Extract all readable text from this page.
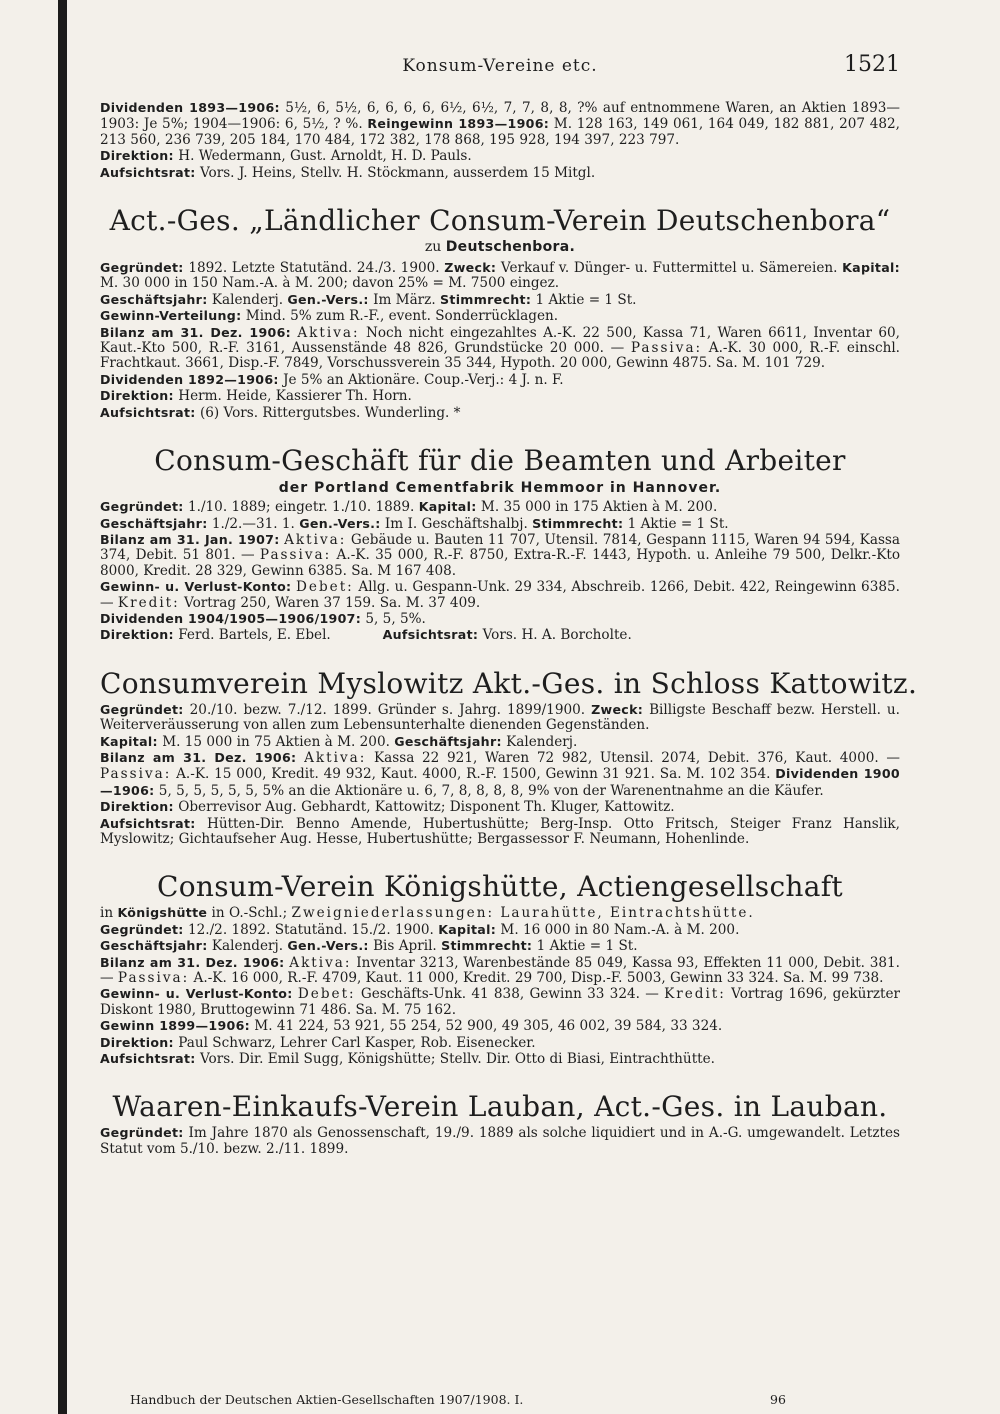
Konsum-Vereine etc.	1521

Dividenden 1893—1906: 5½, 6, 5½, 6, 6, 6, 6, 6½, 6½, 7, 7, 8, 8, ?% auf entnommene Waren, an Aktien 1893—1903: Je 5%; 1904—1906: 6, 5½, ? %. Reingewinn 1893—1906: M. 128 163, 149 061, 164 049, 182 881, 207 482, 213 560, 236 739, 205 184, 170 484, 172 382, 178 868, 195 928, 194 397, 223 797.

Direktion: H. Wedermann, Gust. Arnoldt, H. D. Pauls.

Aufsichtsrat: Vors. J. Heins, Stellv. H. Stöckmann, ausserdem 15 Mitgl.

Act.-Ges. „Ländlicher Consum-Verein Deutschenbora“
zu Deutschenbora.

Gegründet: 1892. Letzte Statutänd. 24./3. 1900. Zweck: Verkauf v. Dünger- u. Futtermittel u. Sämereien. Kapital: M. 30 000 in 150 Nam.-A. à M. 200; davon 25% = M. 7500 eingez.

Geschäftsjahr: Kalenderj. Gen.-Vers.: Im März. Stimmrecht: 1 Aktie = 1 St.

Gewinn-Verteilung: Mind. 5% zum R.-F., event. Sonderrücklagen.

Bilanz am 31. Dez. 1906: Aktiva: Noch nicht eingezahltes A.-K. 22 500, Kassa 71, Waren 6611, Inventar 60, Kaut.-Kto 500, R.-F. 3161, Aussenstände 48 826, Grundstücke 20 000. — Passiva: A.-K. 30 000, R.-F. einschl. Frachtkaut. 3661, Disp.-F. 7849, Vorschussverein 35 344, Hypoth. 20 000, Gewinn 4875. Sa. M. 101 729.

Dividenden 1892—1906: Je 5% an Aktionäre. Coup.-Verj.: 4 J. n. F.

Direktion: Herm. Heide, Kassierer Th. Horn.

Aufsichtsrat: (6) Vors. Rittergutsbes. Wunderling. *

Consum-Geschäft für die Beamten und Arbeiter
der Portland Cementfabrik Hemmoor in Hannover.

Gegründet: 1./10. 1889; eingetr. 1./10. 1889. Kapital: M. 35 000 in 175 Aktien à M. 200.

Geschäftsjahr: 1./2.—31. 1. Gen.-Vers.: Im I. Geschäftshalbj. Stimmrecht: 1 Aktie = 1 St.

Bilanz am 31. Jan. 1907: Aktiva: Gebäude u. Bauten 11 707, Utensil. 7814, Gespann 1115, Waren 94 594, Kassa 374, Debit. 51 801. — Passiva: A.-K. 35 000, R.-F. 8750, Extra-R.-F. 1443, Hypoth. u. Anleihe 79 500, Delkr.-Kto 8000, Kredit. 28 329, Gewinn 6385. Sa. M 167 408.

Gewinn- u. Verlust-Konto: Debet: Allg. u. Gespann-Unk. 29 334, Abschreib. 1266, Debit. 422, Reingewinn 6385. — Kredit: Vortrag 250, Waren 37 159. Sa. M. 37 409.

Dividenden 1904/1905—1906/1907: 5, 5, 5%.

Direktion: Ferd. Bartels, E. Ebel.	Aufsichtsrat: Vors. H. A. Borcholte.

Consumverein Myslowitz Akt.-Ges. in Schloss Kattowitz.

Gegründet: 20./10. bezw. 7./12. 1899. Gründer s. Jahrg. 1899/1900. Zweck: Billigste Beschaff bezw. Herstell. u. Weiterveräusserung von allen zum Lebensunterhalte dienenden Gegenständen.

Kapital: M. 15 000 in 75 Aktien à M. 200. Geschäftsjahr: Kalenderj.

Bilanz am 31. Dez. 1906: Aktiva: Kassa 22 921, Waren 72 982, Utensil. 2074, Debit. 376, Kaut. 4000. — Passiva: A.-K. 15 000, Kredit. 49 932, Kaut. 4000, R.-F. 1500, Gewinn 31 921. Sa. M. 102 354. Dividenden 1900—1906: 5, 5, 5, 5, 5, 5, 5% an die Aktionäre u. 6, 7, 8, 8, 8, 8, 9% von der Warenentnahme an die Käufer.

Direktion: Oberrevisor Aug. Gebhardt, Kattowitz; Disponent Th. Kluger, Kattowitz.

Aufsichtsrat: Hütten-Dir. Benno Amende, Hubertushütte; Berg-Insp. Otto Fritsch, Steiger Franz Hanslik, Myslowitz; Gichtaufseher Aug. Hesse, Hubertushütte; Bergassessor F. Neumann, Hohenlinde.

Consum-Verein Königshütte, Actiengesellschaft

in Königshütte in O.-Schl.; Zweigniederlassungen: Laurahütte, Eintrachtshütte.

Gegründet: 12./2. 1892. Statutänd. 15./2. 1900. Kapital: M. 16 000 in 80 Nam.-A. à M. 200.

Geschäftsjahr: Kalenderj. Gen.-Vers.: Bis April. Stimmrecht: 1 Aktie = 1 St.

Bilanz am 31. Dez. 1906: Aktiva: Inventar 3213, Warenbestände 85 049, Kassa 93, Effekten 11 000, Debit. 381. — Passiva: A.-K. 16 000, R.-F. 4709, Kaut. 11 000, Kredit. 29 700, Disp.-F. 5003, Gewinn 33 324. Sa. M. 99 738.

Gewinn- u. Verlust-Konto: Debet: Geschäfts-Unk. 41 838, Gewinn 33 324. — Kredit: Vortrag 1696, gekürzter Diskont 1980, Bruttogewinn 71 486. Sa. M. 75 162.

Gewinn 1899—1906: M. 41 224, 53 921, 55 254, 52 900, 49 305, 46 002, 39 584, 33 324.

Direktion: Paul Schwarz, Lehrer Carl Kasper, Rob. Eisenecker.

Aufsichtsrat: Vors. Dir. Emil Sugg, Königshütte; Stellv. Dir. Otto di Biasi, Eintrachthütte.

Waaren-Einkaufs-Verein Lauban, Act.-Ges. in Lauban.

Gegründet: Im Jahre 1870 als Genossenschaft, 19./9. 1889 als solche liquidiert und in A.-G. umgewandelt. Letztes Statut vom 5./10. bezw. 2./11. 1899.

Handbuch der Deutschen Aktien-Gesellschaften 1907/1908. I.	96
